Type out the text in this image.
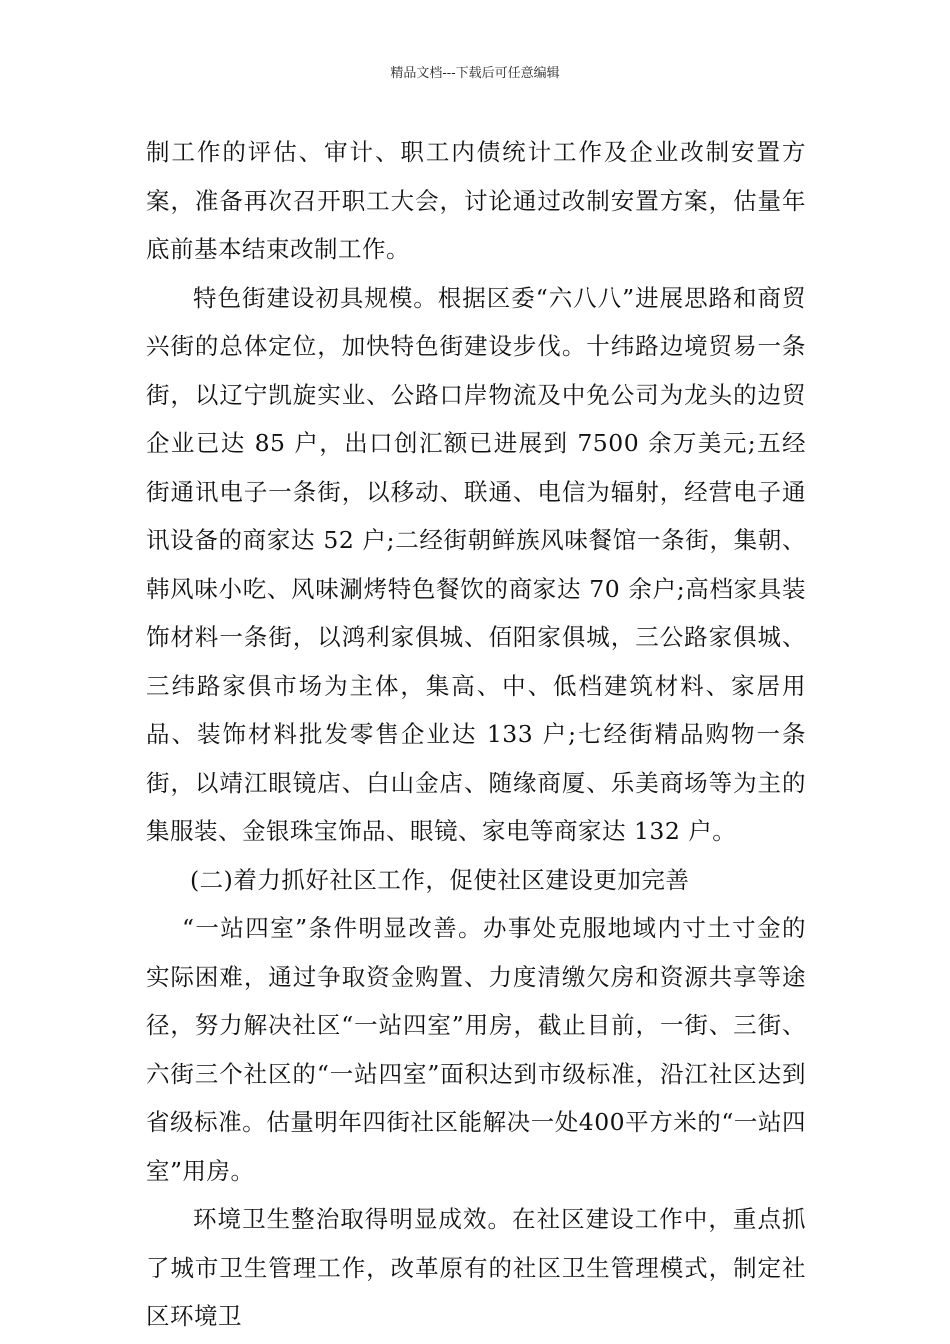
精品文档---下载后可任意编辑

制工作的评估、审计、职工内债统计工作及企业改制安置方案，准备再次召开职工大会，讨论通过改制安置方案，估量年底前基本结束改制工作。

特色街建设初具规模。根据区委“六八八”进展思路和商贸兴街的总体定位，加快特色街建设步伐。十纬路边境贸易一条街，以辽宁凯旋实业、公路口岸物流及中免公司为龙头的边贸企业已达 85 户，出口创汇额已进展到 7500 余万美元;五经街通讯电子一条街，以移动、联通、电信为辐射，经营电子通讯设备的商家达 52 户;二经街朝鲜族风味餐馆一条街，集朝、韩风味小吃、风味涮烤特色餐饮的商家达 70 余户;高档家具装饰材料一条街，以鸿利家俱城、佰阳家俱城，三公路家俱城、三纬路家俱市场为主体，集高、中、低档建筑材料、家居用品、装饰材料批发零售企业达 133 户;七经街精品购物一条街，以靖江眼镜店、白山金店、随缘商厦、乐美商场等为主的集服装、金银珠宝饰品、眼镜、家电等商家达 132 户。

(二)着力抓好社区工作，促使社区建设更加完善

“一站四室”条件明显改善。办事处克服地域内寸土寸金的实际困难，通过争取资金购置、力度清缴欠房和资源共享等途径，努力解决社区“一站四室”用房，截止目前，一街、三街、六街三个社区的“一站四室”面积达到市级标准，沿江社区达到省级标准。估量明年四街社区能解决一处400平方米的“一站四室”用房。

环境卫生整治取得明显成效。在社区建设工作中，重点抓了城市卫生管理工作，改革原有的社区卫生管理模式，制定社区环境卫
